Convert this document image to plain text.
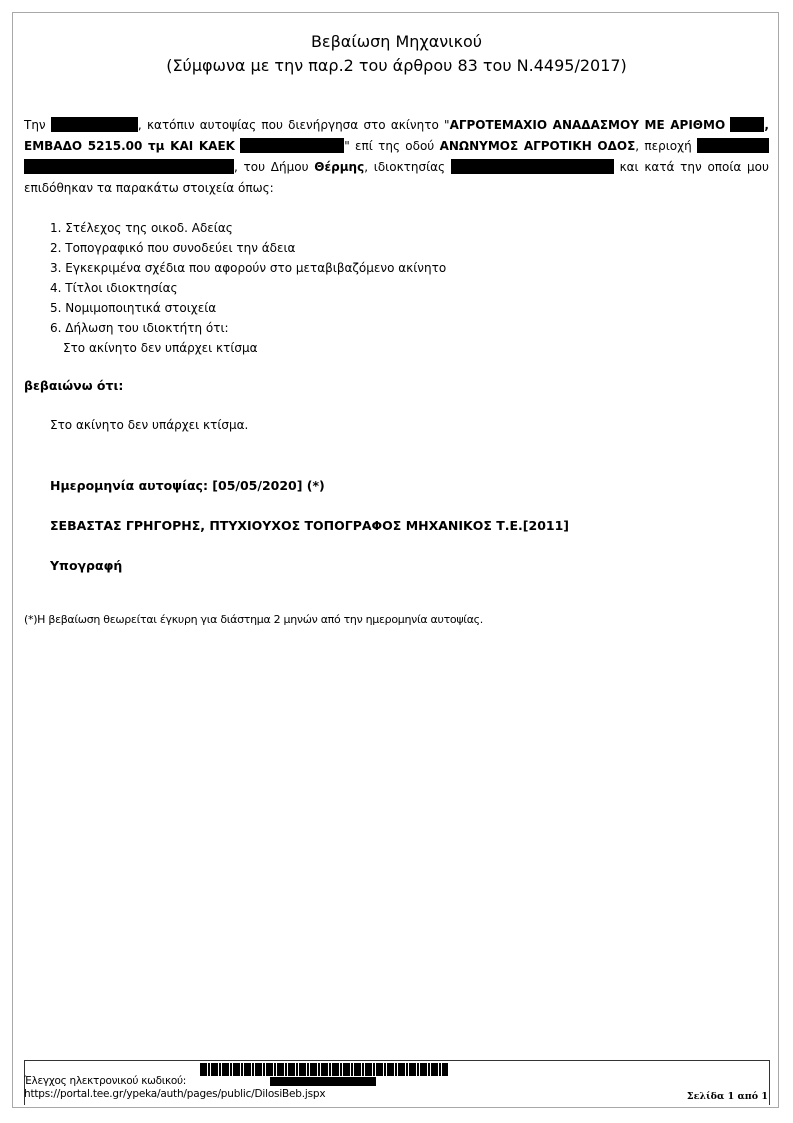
Βεβαίωση Μηχανικού
(Σύμφωνα με την παρ.2 του άρθρου 83 του Ν.4495/2017)
Την	, κατόπιν αυτοψίας που διενήργησα στο ακίνητο "ΑΓΡΟΤΕΜΑΧΙΟ ΑΝΑΔΑΣΜΟΥ ΜΕ ΑΡΙΘΜΟ	, ΕΜΒΑΔΟ 5215.00 τμ ΚΑΙ ΚΑΕΚ	" επί της οδού ΑΝΩΝΥΜΟΣ ΑΓΡΟΤΙΚΗ ΟΔΟΣ, περιοχή  , του Δήμου Θέρμης, ιδιοκτησίας	και κατά την οποία μου επιδόθηκαν τα παρακάτω στοιχεία όπως:
1. Στέλεχος της οικοδ. Αδείας
2. Τοπογραφικό που συνοδεύει την άδεια
3. Εγκεκριμένα σχέδια που αφορούν στο μεταβιβαζόμενο ακίνητο
4. Τίτλοι ιδιοκτησίας
5. Νομιμοποιητικά στοιχεία
6. Δήλωση του ιδιοκτήτη ότι:
Στο ακίνητο δεν υπάρχει κτίσμα
βεβαιώνω ότι:
Στο ακίνητο δεν υπάρχει κτίσμα.
Ημερομηνία αυτοψίας: [05/05/2020] (*)
ΣΕΒΑΣΤΑΣ ΓΡΗΓΟΡΗΣ, ΠΤΥΧΙΟΥΧΟΣ ΤΟΠΟΓΡΑΦΟΣ ΜΗΧΑΝΙΚΟΣ Τ.Ε.[2011]
Υπογραφή
(*)Η βεβαίωση θεωρείται έγκυρη για διάστημα 2 μηνών από την ημερομηνία αυτοψίας.
Έλεγχος ηλεκτρονικού κωδικού:
https://portal.tee.gr/ypeka/auth/pages/public/DilosiBeb.jspx	Σελίδα 1 από 1
